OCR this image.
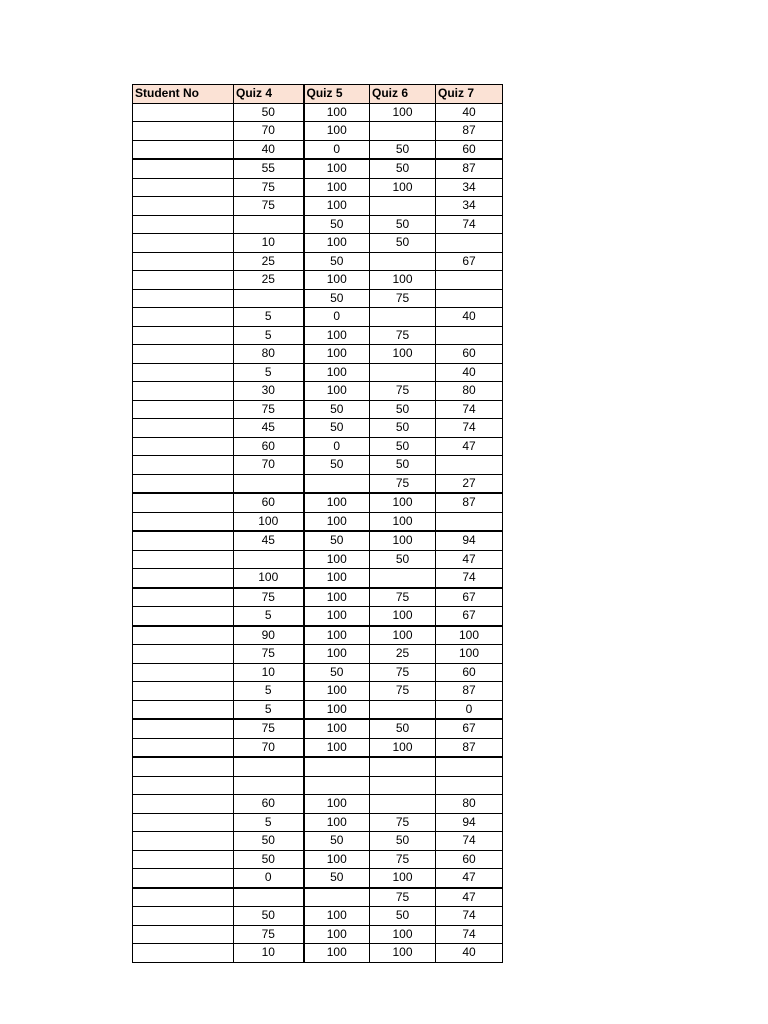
Student No	Quiz 4	Quiz 5	Quiz 6	Quiz 7
	50	100	100	40
	70	100		87
	40	0	50	60
	55	100	50	87
	75	100	100	34
	75	100		34
		50	50	74
	10	100	50	
	25	50		67
	25	100	100	
		50	75	
	5	0		40
	5	100	75	
	80	100	100	60
	5	100		40
	30	100	75	80
	75	50	50	74
	45	50	50	74
	60	0	50	47
	70	50	50	
			75	27
	60	100	100	87
	100	100	100	
	45	50	100	94
		100	50	47
	100	100		74
	75	100	75	67
	5	100	100	67
	90	100	100	100
	75	100	25	100
	10	50	75	60
	5	100	75	87
	5	100		0
	75	100	50	67
	70	100	100	87

	60	100		80
	5	100	75	94
	50	50	50	74
	50	100	75	60
	0	50	100	47
			75	47
	50	100	50	74
	75	100	100	74
	10	100	100	40
